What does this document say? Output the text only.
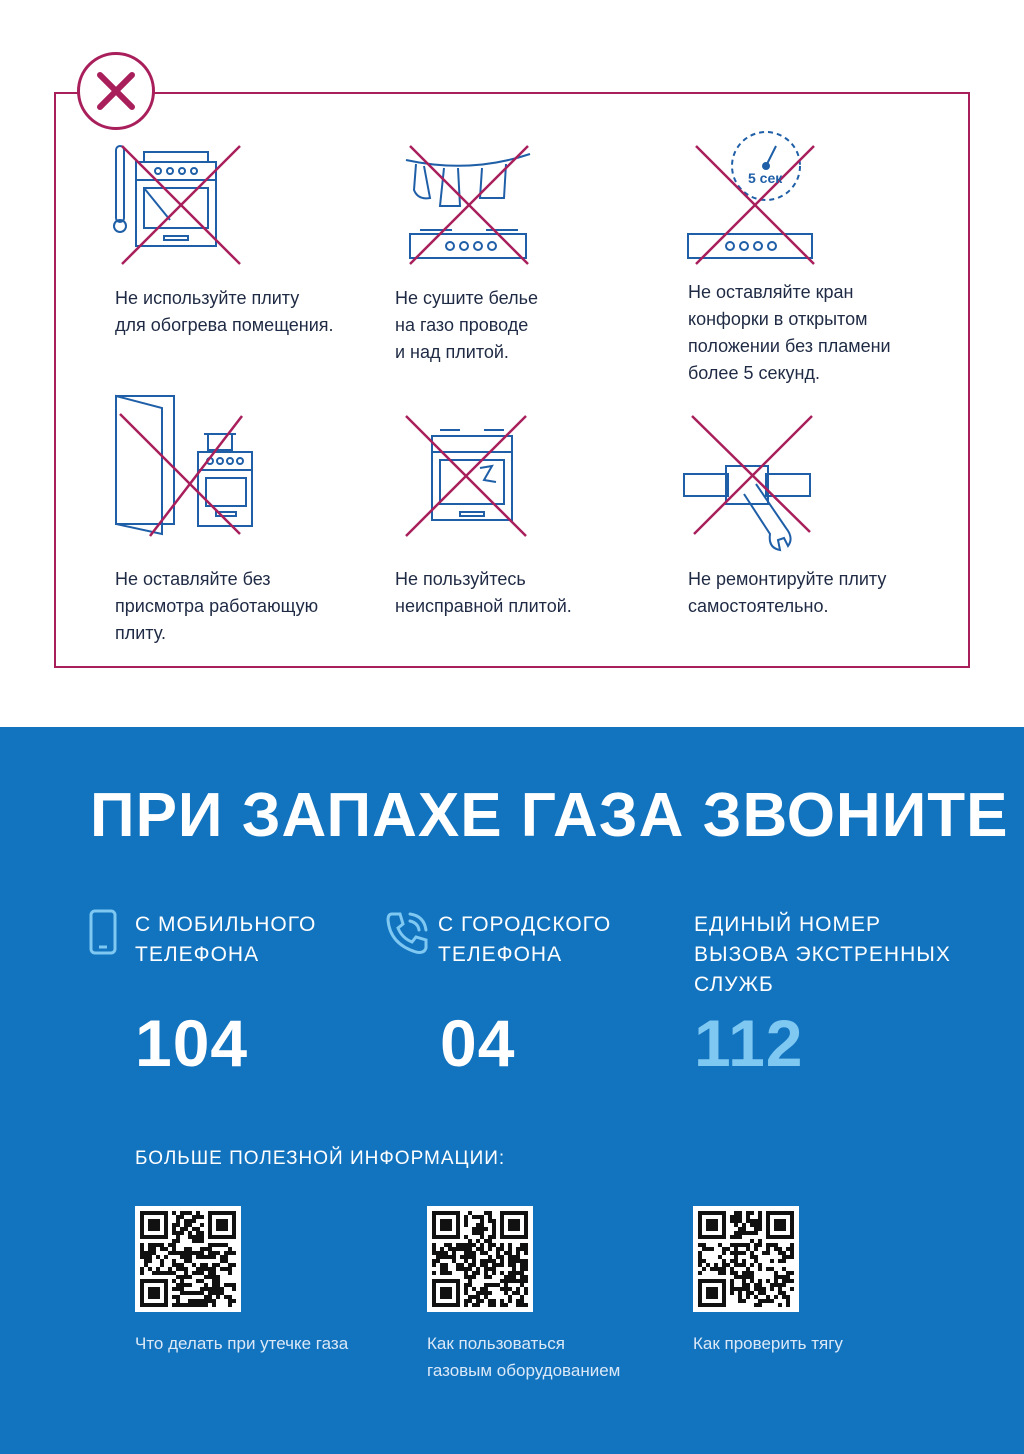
Не используйте плиту
для обогрева помещения.
Не сушите белье
на газо проводе
и над плитой.
5 сек
Не оставляйте кран
конфорки в открытом
положении без пламени
более 5 секунд.
Не оставляйте без
присмотра работающую
плиту.
Не пользуйтесь
неисправной плитой.
Не ремонтируйте плиту
самостоятельно.
ПРИ ЗАПАХЕ ГАЗА ЗВОНИТЕ
С МОБИЛЬНОГО
ТЕЛЕФОНА
104
С ГОРОДСКОГО
ТЕЛЕФОНА
04
ЕДИНЫЙ НОМЕР
ВЫЗОВА ЭКСТРЕННЫХ
СЛУЖБ
112
БОЛЬШЕ ПОЛЕЗНОЙ ИНФОРМАЦИИ:
Что делать при утечке газа	Как пользоваться
газовым оборудованием
Как проверить тягу
